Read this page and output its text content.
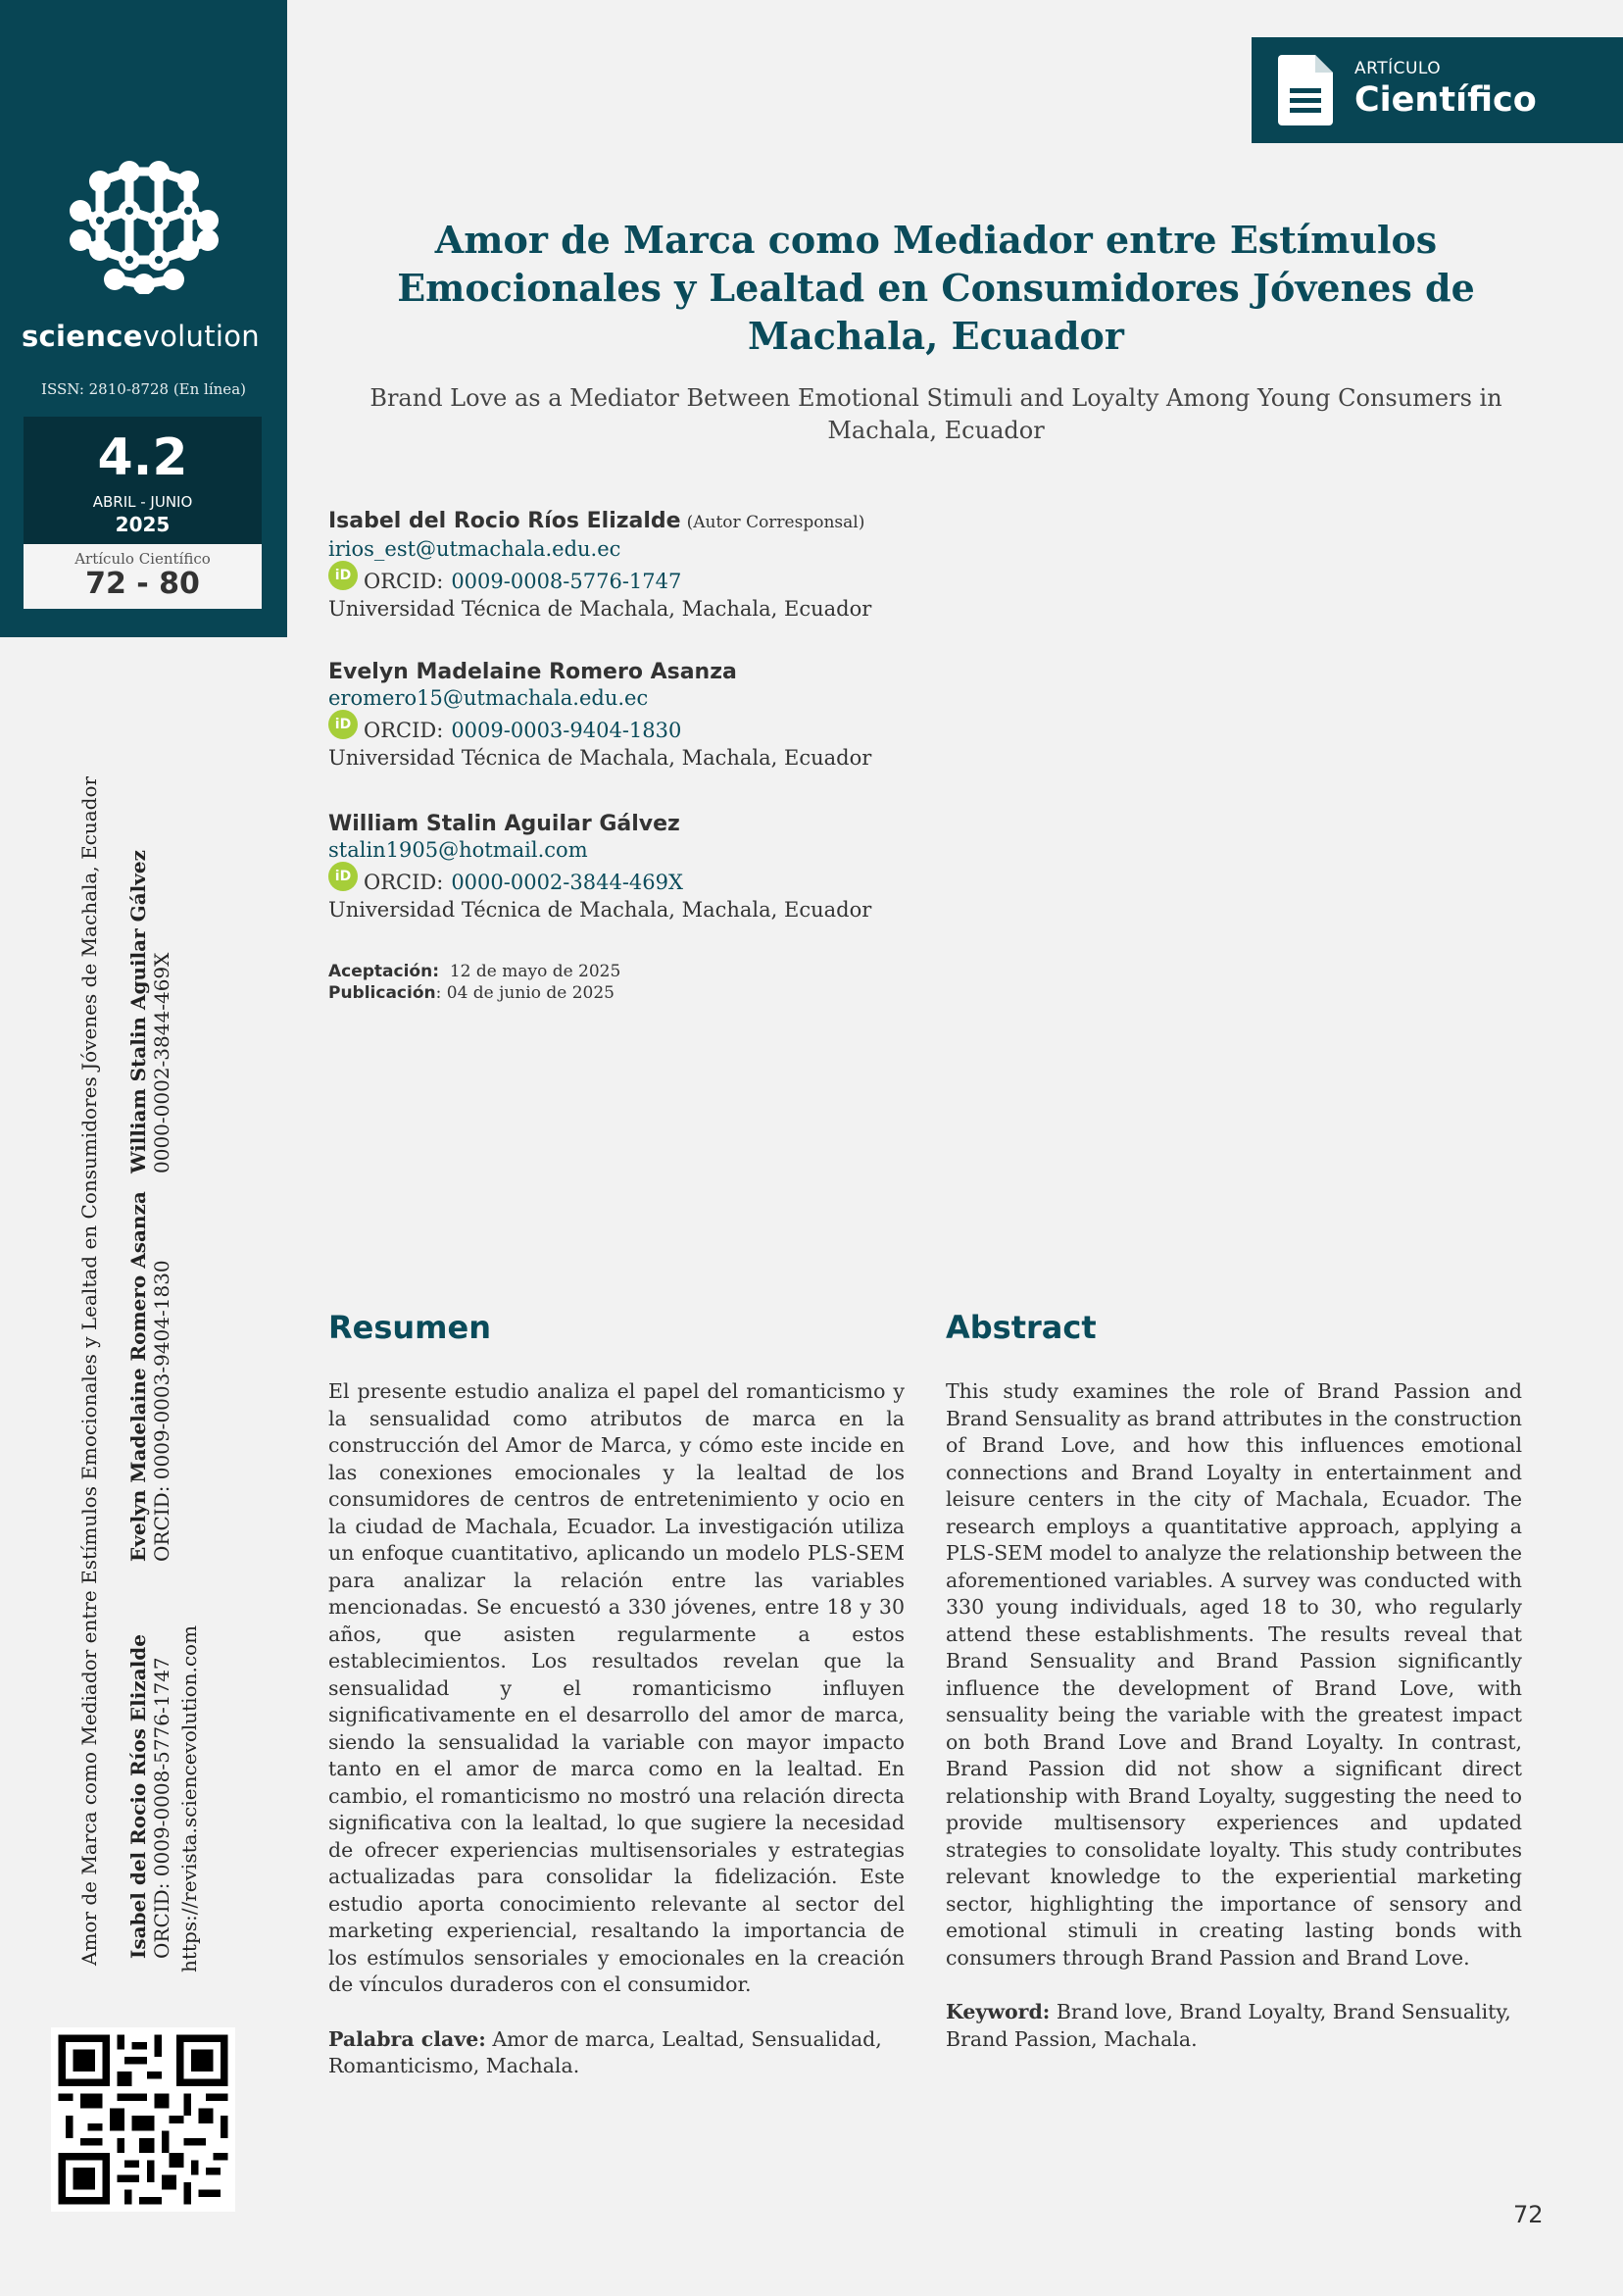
sciencevolution
ISSN: 2810-8728 (En línea)
4.2
ABRIL - JUNIO
2025
Artículo Científico
72 - 80
Amor de Marca como Mediador entre Estímulos Emocionales y Lealtad en Consumidores Jóvenes de Machala, Ecuador Isabel del Rocio Ríos Elizalde
ORCID: 0009-0008-5776-1747 https://revista.sciencevolution.com
Evelyn Madelaine Romero Asanza
ORCID: 0009-0003-9404-1830
William Stalin Aguilar Gálvez
0000-0002-3844-469X
ARTÍCULO
Científico
Amor de Marca como Mediador entre Estímulos Emocionales y Lealtad en Consumidores Jóvenes de Machala, Ecuador
Brand Love as a Mediator Between Emotional Stimuli and Loyalty Among Young Consumers in Machala, Ecuador
Isabel del Rocio Ríos Elizalde (Autor Corresponsal)
irios_est@utmachala.edu.ec
iD ORCID: 0009-0008-5776-1747
Universidad Técnica de Machala, Machala, Ecuador
Evelyn Madelaine Romero Asanza
eromero15@utmachala.edu.ec
iD ORCID: 0009-0003-9404-1830
Universidad Técnica de Machala, Machala, Ecuador
William Stalin Aguilar Gálvez
stalin1905@hotmail.com
iD ORCID: 0000-0002-3844-469X
Universidad Técnica de Machala, Machala, Ecuador
Aceptación: 12 de mayo de 2025
Publicación: 04 de junio de 2025
Resumen

El presente estudio analiza el papel del romanticismo y la sensualidad como atributos de marca en la construcción del Amor de Marca, y cómo este incide en las conexiones emocionales y la lealtad de los consumidores de centros de entretenimiento y ocio en la ciudad de Machala, Ecuador. La investigación utiliza un enfoque cuantitativo, aplicando un modelo PLS-SEM para analizar la relación entre las variables mencionadas. Se encuestó a 330 jóvenes, entre 18 y 30 años, que asisten regularmente a estos establecimientos. Los resultados revelan que la sensualidad y el romanticismo influyen significativamente en el desarrollo del amor de marca, siendo la sensualidad la variable con mayor impacto tanto en el amor de marca como en la lealtad. En cambio, el romanticismo no mostró una relación directa significativa con la lealtad, lo que sugiere la necesidad de ofrecer experiencias multisensoriales y estrategias actualizadas para consolidar la fidelización. Este estudio aporta conocimiento relevante al sector del marketing experiencial, resaltando la importancia de los estímulos sensoriales y emocionales en la creación de vínculos duraderos con el consumidor.

Palabra clave: Amor de marca, Lealtad, Sensualidad, Romanticismo, Machala.

Abstract

This study examines the role of Brand Passion and Brand Sensuality as brand attributes in the construction of Brand Love, and how this influences emotional connections and Brand Loyalty in entertainment and leisure centers in the city of Machala, Ecuador. The research employs a quantitative approach, applying a PLS-SEM model to analyze the relationship between the aforementioned variables. A survey was conducted with 330 young individuals, aged 18 to 30, who regularly attend these establishments. The results reveal that Brand Sensuality and Brand Passion significantly influence the development of Brand Love, with sensuality being the variable with the greatest impact on both Brand Love and Brand Loyalty. In contrast, Brand Passion did not show a significant direct relationship with Brand Loyalty, suggesting the need to provide multisensory experiences and updated strategies to consolidate loyalty. This study contributes relevant knowledge to the experiential marketing sector, highlighting the importance of sensory and emotional stimuli in creating lasting bonds with consumers through Brand Passion and Brand Love.

Keyword: Brand love, Brand Loyalty, Brand Sensuality, Brand Passion, Machala.

72
